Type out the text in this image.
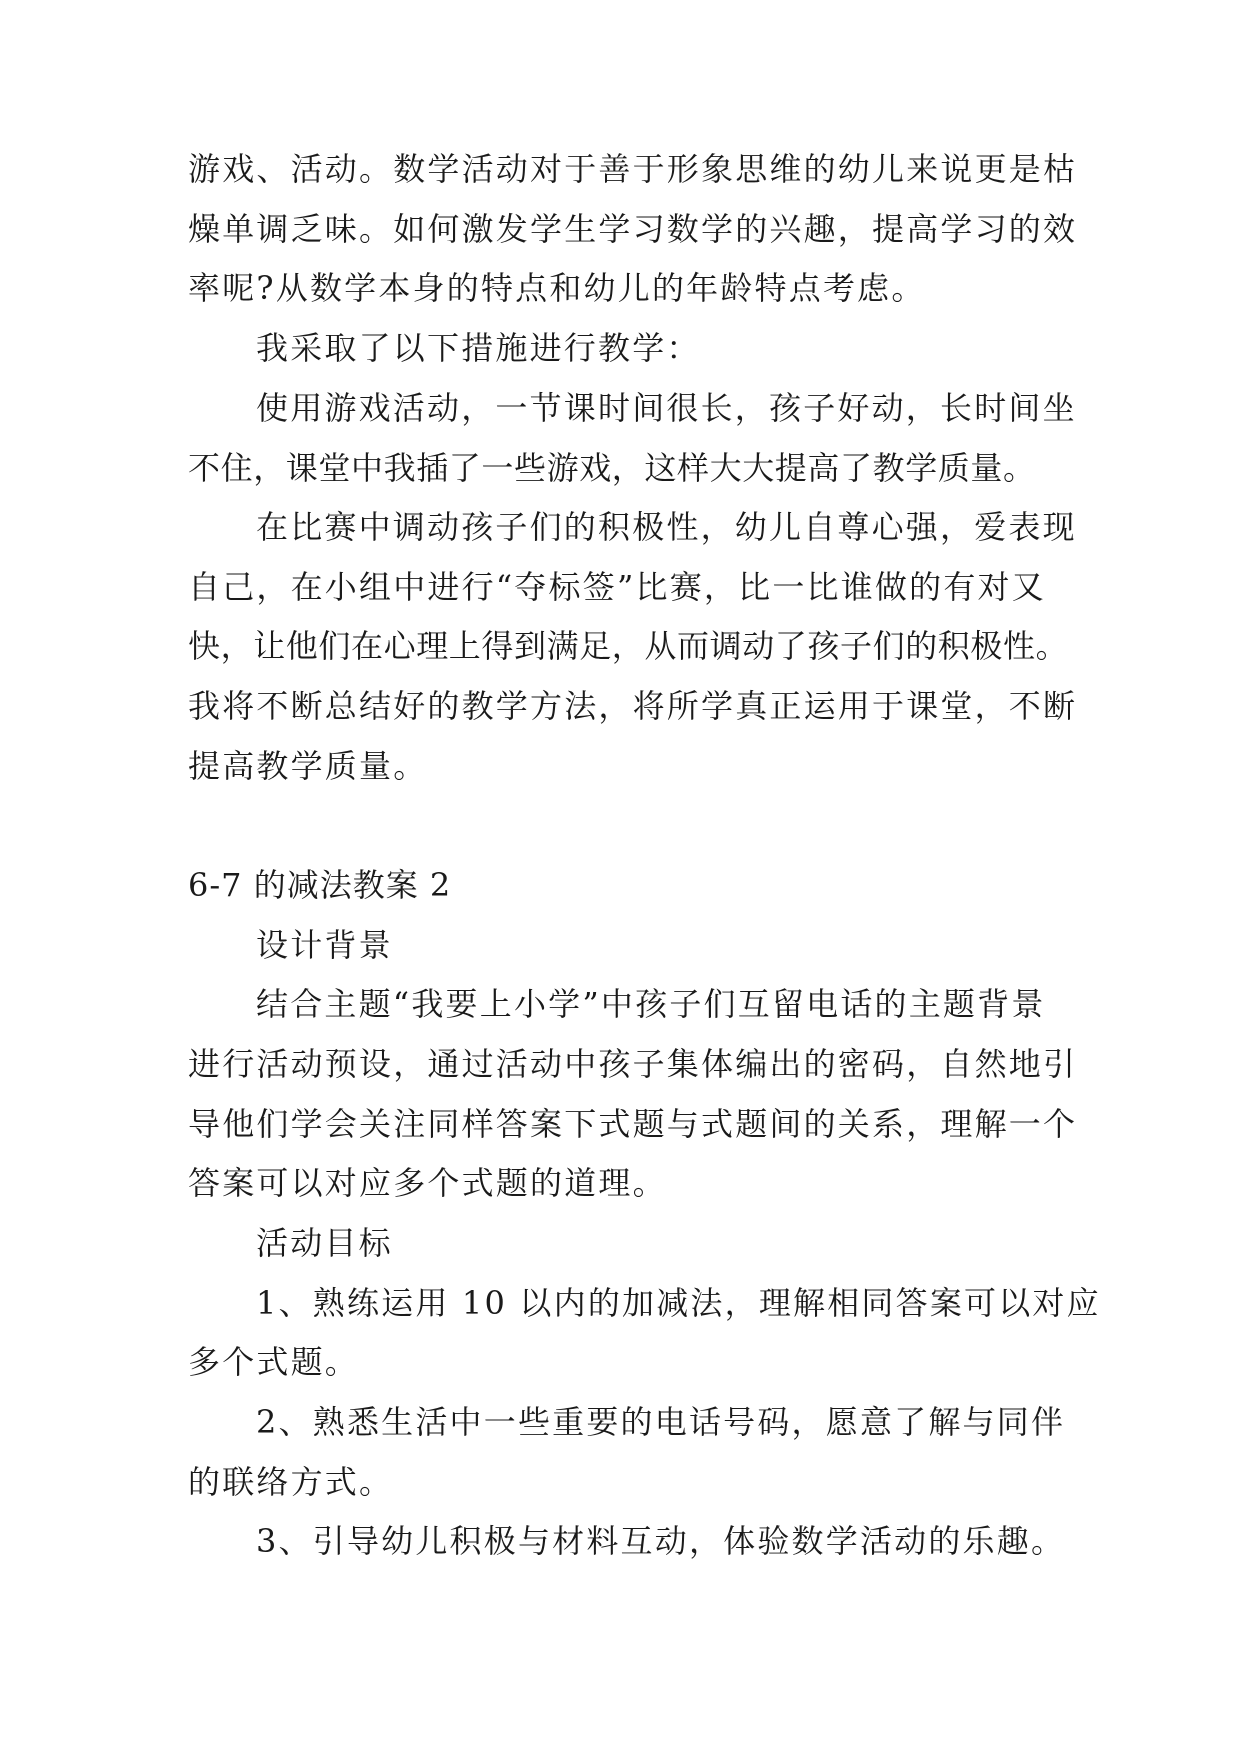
游戏、活动。数学活动对于善于形象思维的幼儿来说更是枯
燥单调乏味。如何激发学生学习数学的兴趣，提高学习的效
率呢?从数学本身的特点和幼儿的年龄特点考虑。
我采取了以下措施进行教学：
使用游戏活动，一节课时间很长，孩子好动，长时间坐
不住，课堂中我插了一些游戏，这样大大提高了教学质量。
在比赛中调动孩子们的积极性，幼儿自尊心强，爱表现
自己，在小组中进行“夺标签”比赛，比一比谁做的有对又
快，让他们在心理上得到满足，从而调动了孩子们的积极性。
我将不断总结好的教学方法，将所学真正运用于课堂，不断
提高教学质量。
6-7 的减法教案 2
设计背景
结合主题“我要上小学”中孩子们互留电话的主题背景
进行活动预设，通过活动中孩子集体编出的密码，自然地引
导他们学会关注同样答案下式题与式题间的关系，理解一个
答案可以对应多个式题的道理。
活动目标
1、熟练运用 10 以内的加减法，理解相同答案可以对应
多个式题。
2、熟悉生活中一些重要的电话号码，愿意了解与同伴
的联络方式。
3、引导幼儿积极与材料互动，体验数学活动的乐趣。
